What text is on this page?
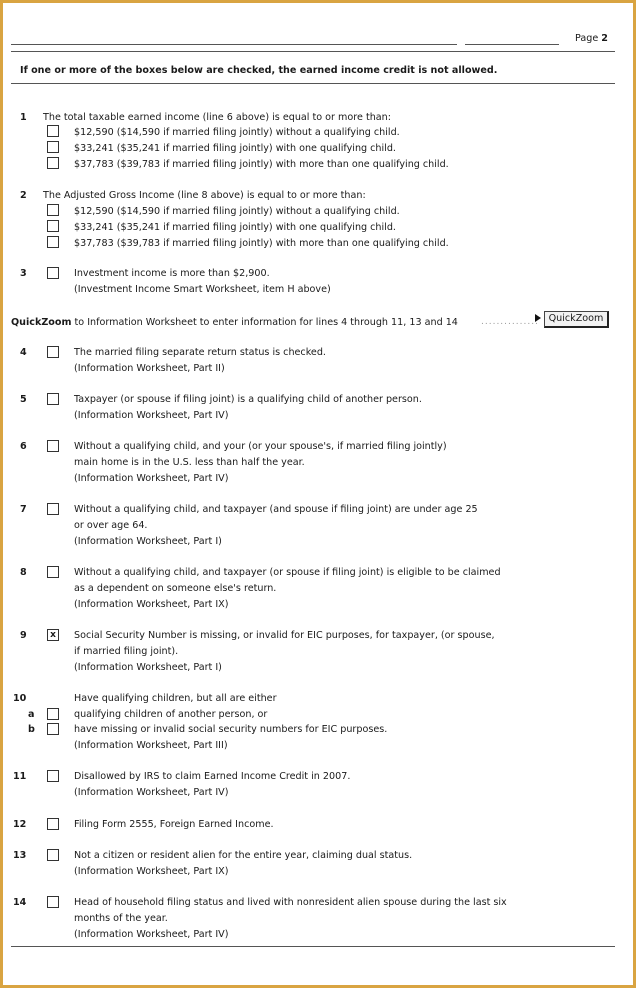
Page 2
If one or more of the boxes below are checked, the earned income credit is not allowed.
1 The total taxable earned income (line 6 above) is equal to or more than:
$12,590 ($14,590 if married filing jointly) without a qualifying child.
$33,241 ($35,241 if married filing jointly) with one qualifying child.
$37,783 ($39,783 if married filing jointly) with more than one qualifying child.
2 The Adjusted Gross Income (line 8 above) is equal to or more than:
$12,590 ($14,590 if married filing jointly) without a qualifying child.
$33,241 ($35,241 if married filing jointly) with one qualifying child.
$37,783 ($39,783 if married filing jointly) with more than one qualifying child.
3	Investment income is more than $2,900.
(Investment Income Smart Worksheet, item H above)
QuickZoom to Information Worksheet to enter information for lines 4 through 11, 13 and 14	...............	QuickZoom
4	The married filing separate return status is checked.
(Information Worksheet, Part II)
5	Taxpayer (or spouse if filing joint) is a qualifying child of another person.
(Information Worksheet, Part IV)
6	Without a qualifying child, and your (or your spouse's, if married filing jointly)
main home is in the U.S. less than half the year.
(Information Worksheet, Part IV)
7	Without a qualifying child, and taxpayer (and spouse if filing joint) are under age 25
or over age 64.
(Information Worksheet, Part I)
8	Without a qualifying child, and taxpayer (or spouse if filing joint) is eligible to be claimed
as a dependent on someone else's return.
(Information Worksheet, Part IX)
9	x	Social Security Number is missing, or invalid for EIC purposes, for taxpayer, (or spouse,
if married filing joint).
(Information Worksheet, Part I)
10	Have qualifying children, but all are either
a	qualifying children of another person, or
b	have missing or invalid social security numbers for EIC purposes.
(Information Worksheet, Part III)
11	Disallowed by IRS to claim Earned Income Credit in 2007.
(Information Worksheet, Part IV)
12	Filing Form 2555, Foreign Earned Income.
13	Not a citizen or resident alien for the entire year, claiming dual status.
(Information Worksheet, Part IX)
14	Head of household filing status and lived with nonresident alien spouse during the last six
months of the year.
(Information Worksheet, Part IV)
